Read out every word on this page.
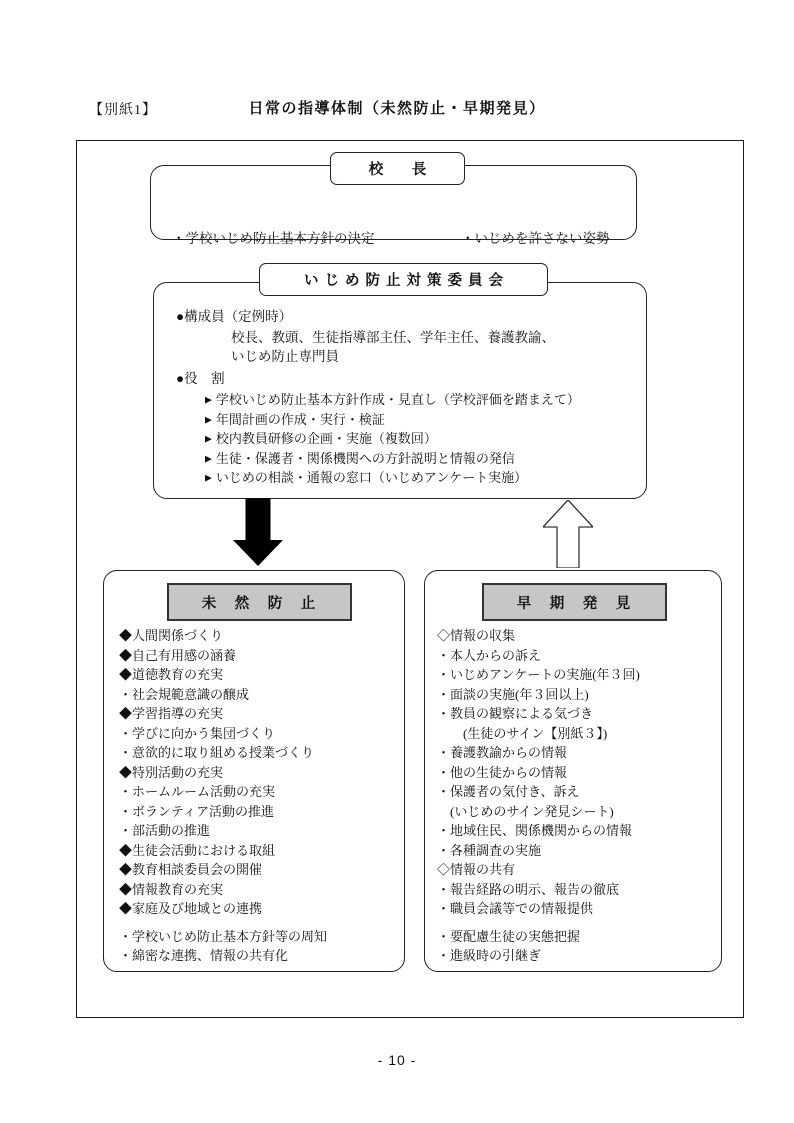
【別紙1】	日常の指導体制（未然防止・早期発見）
校　長

・学校いじめ防止基本方針の決定

	・いじめを許さない姿勢

いじめ防止対策委員会
●構成員（定例時）
校長、教頭、生徒指導部主任、学年主任、養護教諭、
いじめ防止専門員
●役　割
▶学校いじめ防止基本方針作成・見直し（学校評価を踏まえて）
▶年間計画の作成・実行・検証
▶校内教員研修の企画・実施（複数回）
▶生徒・保護者・関係機関への方針説明と情報の発信
▶いじめの相談・通報の窓口（いじめアンケート実施）
未　然　防　止
◆人間関係づくり
◆自己有用感の涵養
◆道徳教育の充実
・社会規範意識の醸成
◆学習指導の充実
・学びに向かう集団づくり
・意欲的に取り組める授業づくり
◆特別活動の充実
・ホームルーム活動の充実
・ボランティア活動の推進
・部活動の推進
◆生徒会活動における取組
◆教育相談委員会の開催
◆情報教育の充実
◆家庭及び地域との連携
・学校いじめ防止基本方針等の周知
・綿密な連携、情報の共有化
早　期　発　見
◇情報の収集
・本人からの訴え
・いじめアンケートの実施(年３回)
・面談の実施(年３回以上)
・教員の観察による気づき
　　(生徒のサイン【別紙３】)
・養護教諭からの情報
・他の生徒からの情報
・保護者の気付き、訴え
　(いじめのサイン発見シート)
・地域住民、関係機関からの情報
・各種調査の実施
◇情報の共有
・報告経路の明示、報告の徹底
・職員会議等での情報提供
・要配慮生徒の実態把握
・進級時の引継ぎ
- 10 -
